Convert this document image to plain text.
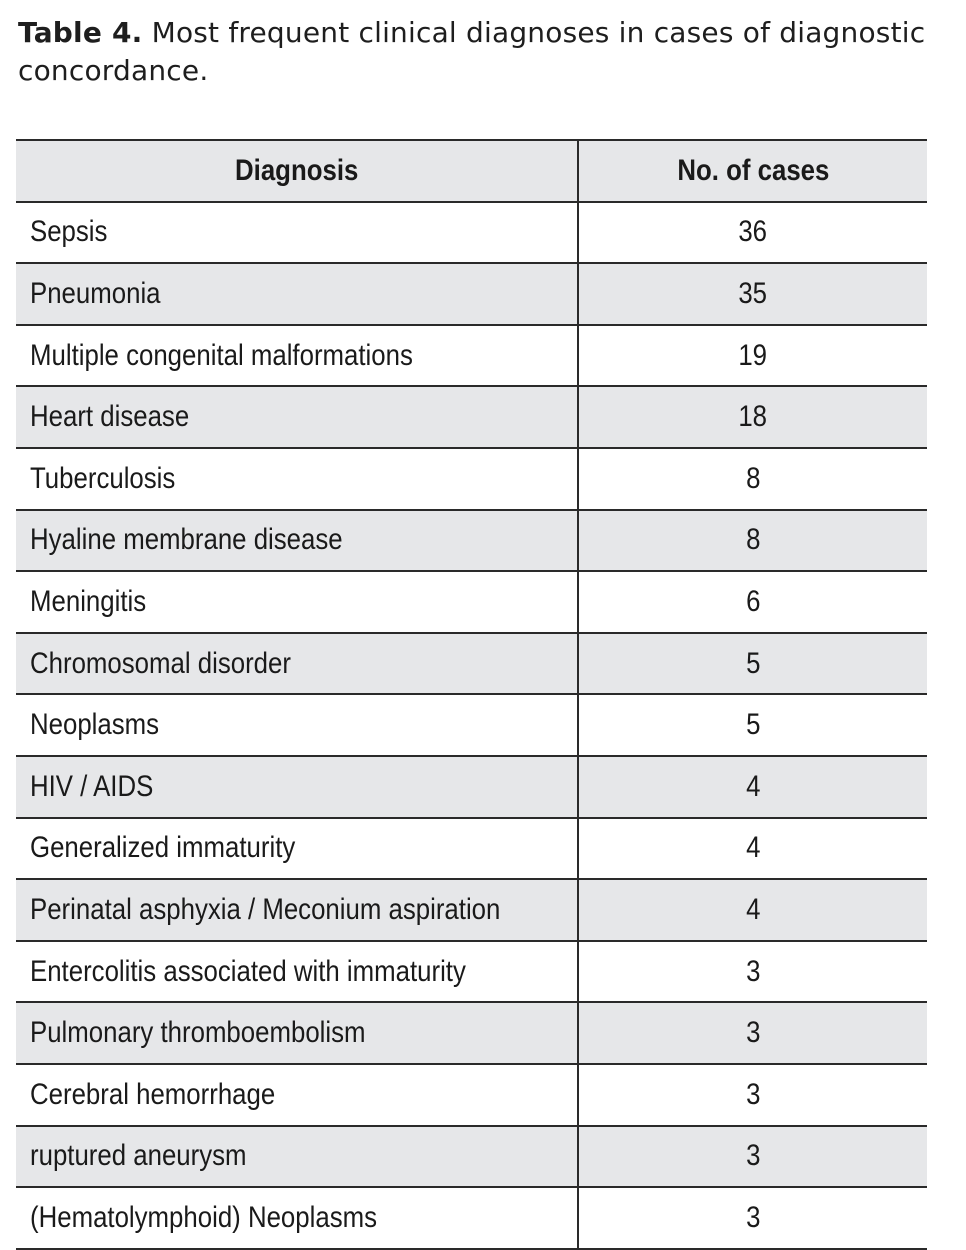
Table 4. Most frequent clinical diagnoses in cases of diagnostic concordance.
Diagnosis	No. of cases
Sepsis	36
Pneumonia	35
Multiple congenital malformations	19
Heart disease	18
Tuberculosis	8
Hyaline membrane disease	8
Meningitis	6
Chromosomal disorder	5
Neoplasms	5
HIV / AIDS	4
Generalized immaturity	4
Perinatal asphyxia / Meconium aspiration	4
Entercolitis associated with immaturity	3
Pulmonary thromboembolism	3
Cerebral hemorrhage	3
ruptured aneurysm	3
(Hematolymphoid) Neoplasms	3
